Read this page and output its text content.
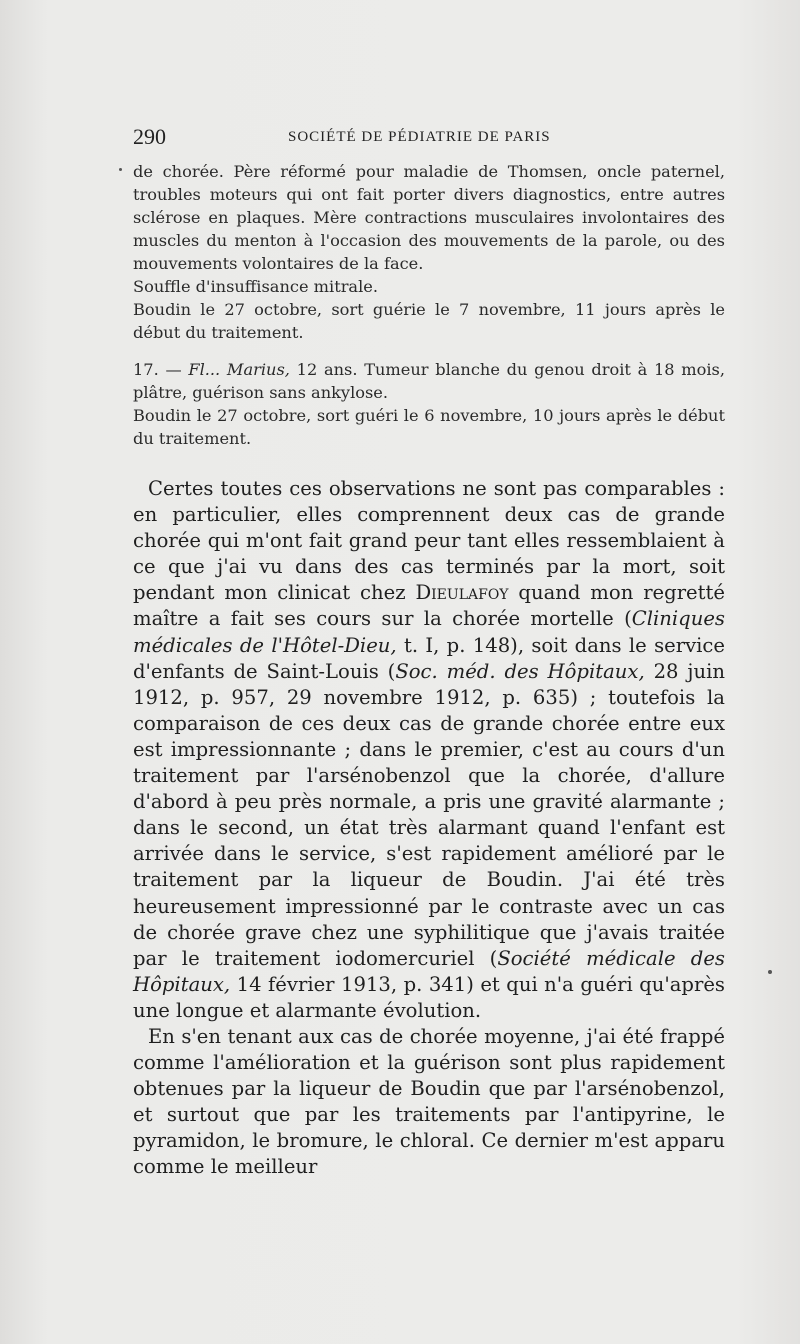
290	SOCIÉTÉ DE PÉDIATRIE DE PARIS

de chorée. Père réformé pour maladie de Thomsen, oncle paternel, troubles moteurs qui ont fait porter divers diagnostics, entre autres sclérose en plaques. Mère contractions musculaires involontaires des muscles du menton à l'occasion des mouvements de la parole, ou des mouvements volontaires de la face.

Souffle d'insuffisance mitrale.

Boudin le 27 octobre, sort guérie le 7 novembre, 11 jours après le début du traitement.

17. — Fl... Marius, 12 ans. Tumeur blanche du genou droit à 18 mois, plâtre, guérison sans ankylose.

Boudin le 27 octobre, sort guéri le 6 novembre, 10 jours après le début du traitement.

Certes toutes ces observations ne sont pas comparables : en particulier, elles comprennent deux cas de grande chorée qui m'ont fait grand peur tant elles ressemblaient à ce que j'ai vu dans des cas terminés par la mort, soit pendant mon clinicat chez Dieulafoy quand mon regretté maître a fait ses cours sur la chorée mortelle (Cliniques médicales de l'Hôtel-Dieu, t. I, p. 148), soit dans le service d'enfants de Saint-Louis (Soc. méd. des Hôpitaux, 28 juin 1912, p. 957, 29 novembre 1912, p. 635) ; toutefois la comparaison de ces deux cas de grande chorée entre eux est impressionnante ; dans le premier, c'est au cours d'un traitement par l'arsénobenzol que la chorée, d'allure d'abord à peu près normale, a pris une gravité alarmante ; dans le second, un état très alarmant quand l'enfant est arrivée dans le service, s'est rapidement amélioré par le traitement par la liqueur de Boudin. J'ai été très heureusement impressionné par le contraste avec un cas de chorée grave chez une syphilitique que j'avais traitée par le traitement iodomercuriel (Société médicale des Hôpitaux, 14 février 1913, p. 341) et qui n'a guéri qu'après une longue et alarmante évolution.

En s'en tenant aux cas de chorée moyenne, j'ai été frappé comme l'amélioration et la guérison sont plus rapidement obtenues par la liqueur de Boudin que par l'arsénobenzol, et surtout que par les traitements par l'antipyrine, le pyramidon, le bromure, le chloral. Ce dernier m'est apparu comme le meilleur
